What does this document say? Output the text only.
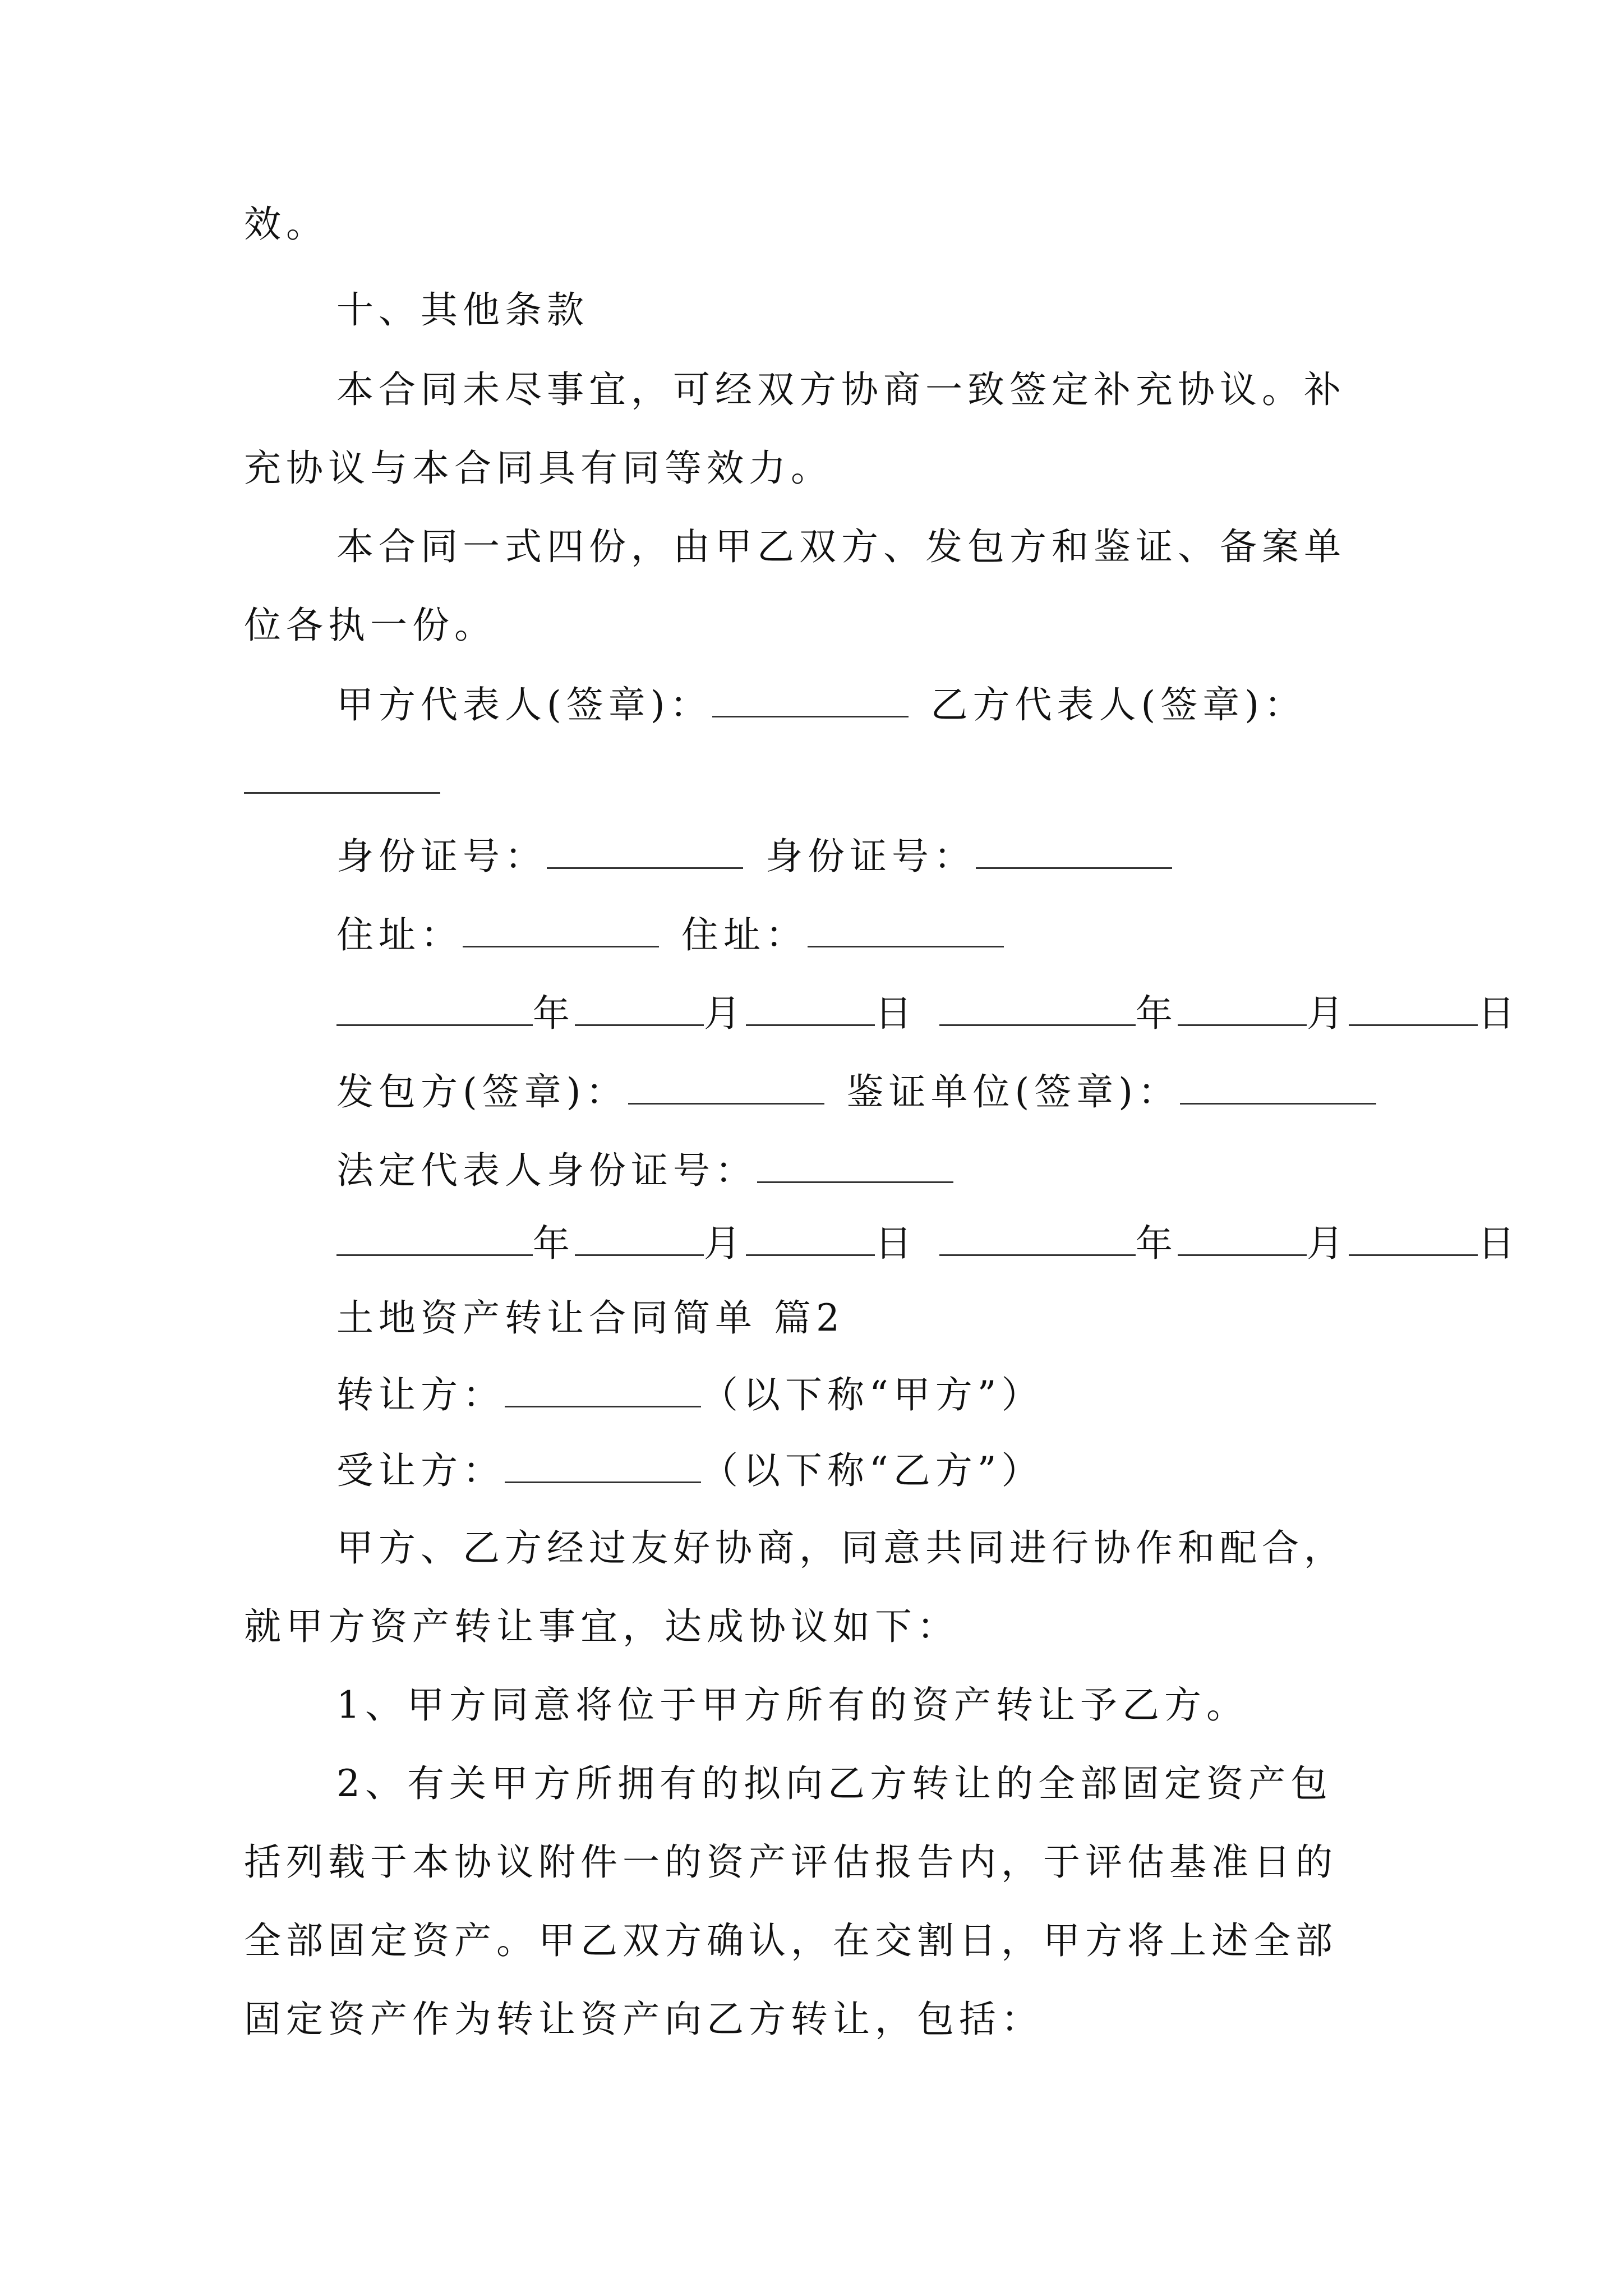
效。
十、其他条款
本合同未尽事宜，可经双方协商一致签定补充协议。补
充协议与本合同具有同等效力。
本合同一式四份，由甲乙双方、发包方和鉴证、备案单
位各执一份。
甲方代表人(签章)：	乙方代表人(签章)：
身份证号：	身份证号：
住址：	住址：
年	月	日	年	月	日
发包方(签章)：	鉴证单位(签章)：
法定代表人身份证号：
年	月	日	年	月	日
土地资产转让合同简单 篇2
转让方：	（以下称“甲方”）
受让方：	（以下称“乙方”）
甲方、乙方经过友好协商，同意共同进行协作和配合，
就甲方资产转让事宜，达成协议如下：
1、甲方同意将位于甲方所有的资产转让予乙方。
2、有关甲方所拥有的拟向乙方转让的全部固定资产包
括列载于本协议附件一的资产评估报告内，于评估基准日的
全部固定资产。甲乙双方确认，在交割日，甲方将上述全部
固定资产作为转让资产向乙方转让，包括：
